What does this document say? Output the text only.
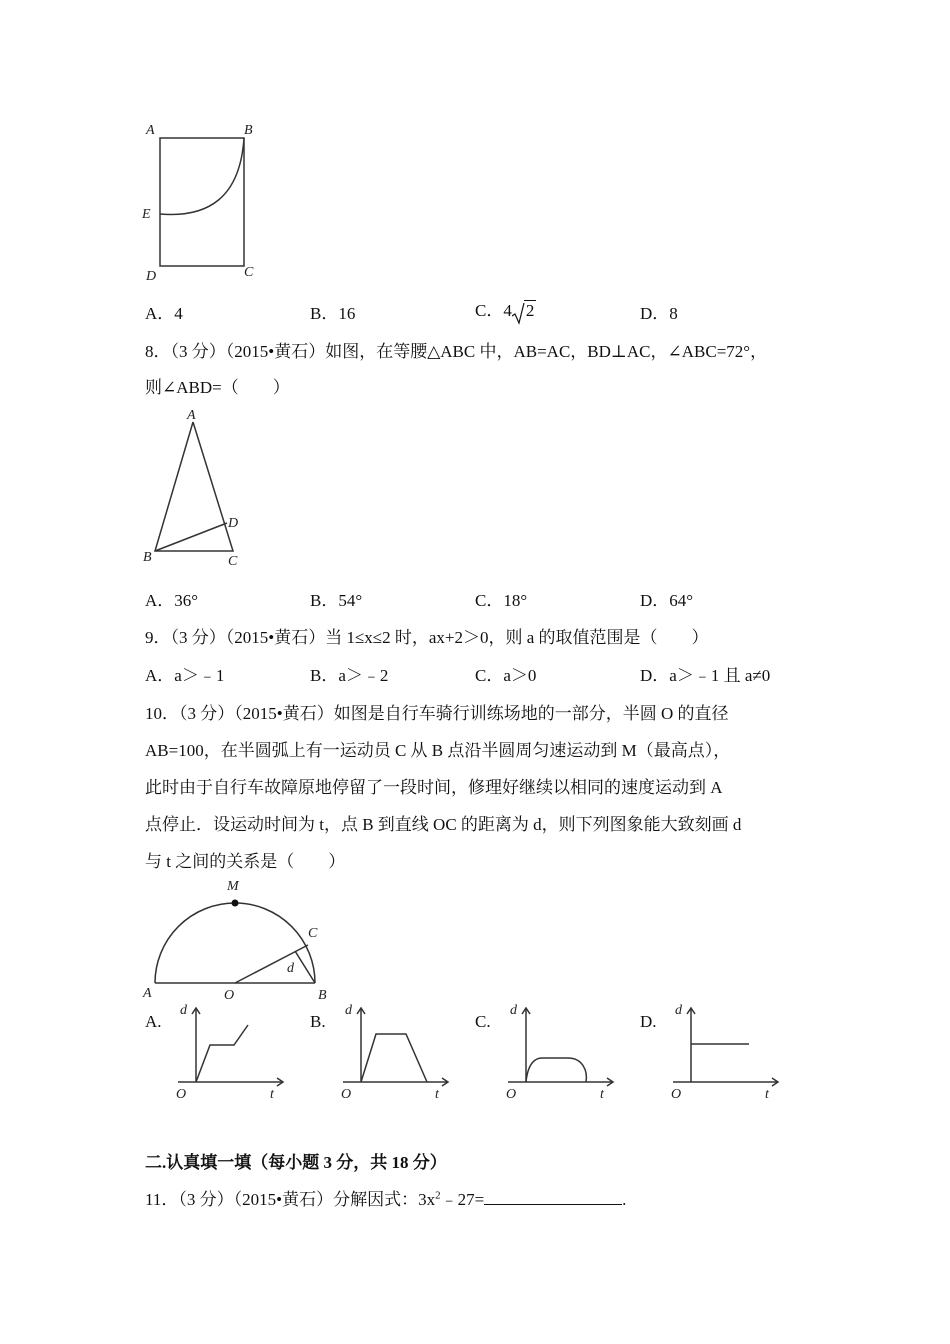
A	B
E
D	C
A．4	B．16	C．4 2	D．8
8．（3 分）（2015•黄石）如图，在等腰△ABC 中，AB=AC，BD⊥AC，∠ABC=72°，
则∠ABD=（　　）
A
D
B	C
A．36°	B．54°	C．18°	D．64°
9．（3 分）（2015•黄石）当 1≤x≤2 时，ax+2＞0，则 a 的取值范围是（　　）
A．a＞﹣1	B．a＞﹣2	C．a＞0	D．a＞﹣1 且 a≠0
10．（3 分）（2015•黄石）如图是自行车骑行训练场地的一部分，半圆 O 的直径
AB=100，在半圆弧上有一运动员 C 从 B 点沿半圆周匀速运动到 M（最高点），
此时由于自行车故障原地停留了一段时间，修理好继续以相同的速度运动到 A
点停止．设运动时间为 t，点 B 到直线 OC 的距离为 d，则下列图象能大致刻画 d
与 t 之间的关系是（　　）
M
C
d
A	O	B
A.	B.	C.	D.
d
O	t
d
O	t
d
O	t
d
O	t
二.认真填一填（每小题 3 分，共 18 分）
11．（3 分）（2015•黄石）分解因式：$3x^2﹣27=$	.
